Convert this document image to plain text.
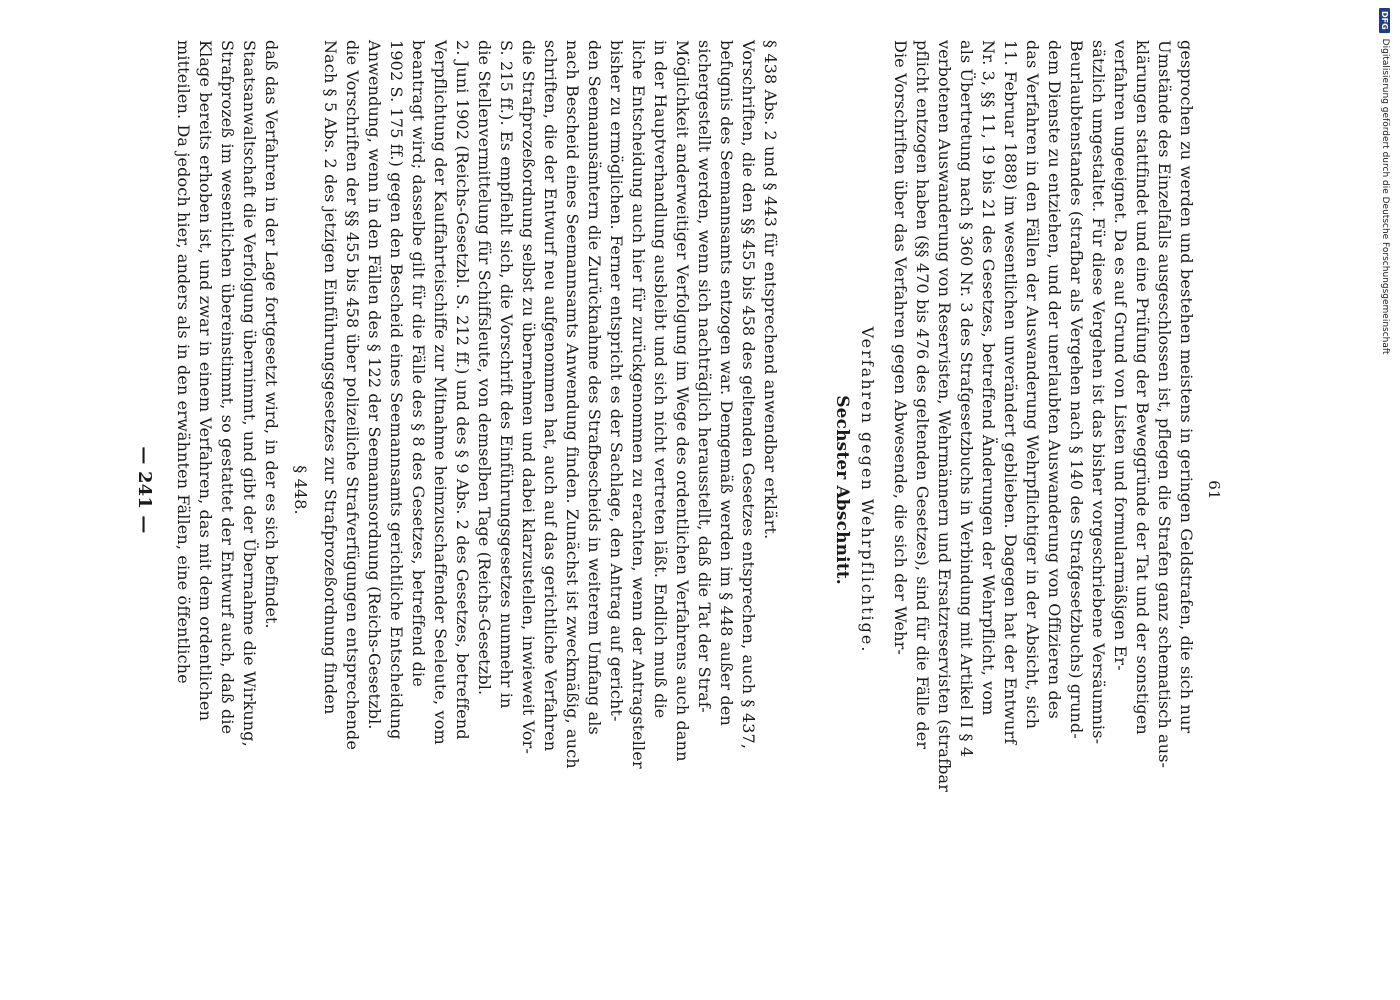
— 241 — mitteilen. Da jedoch hier, anders als in den erwähnten Fällen, eine öffentliche Klage bereits erhoben ist, und zwar in einem Verfahren, das mit dem ordentlichen Strafprozeß im wesentlichen übereinstimmt, so gestattet der Entwurf auch, daß die Staatsanwaltschaft die Verfolgung übernimmt, und gibt der Übernahme die Wirkung, daß das Verfahren in der Lage fortgesetzt wird, in der es sich befindet. § 448. Nach § 5 Abs. 2 des jetzigen Einführungsgesetzes zur Strafprozeßordnung finden die Vorschriften der §§ 455 bis 458 über polizeiliche Strafverfügungen entsprechende Anwendung, wenn in den Fällen des § 122 der Seemannsordnung (Reichs-Gesetzbl. 1902 S. 175 ff.) gegen den Bescheid eines Seemannsamts gerichtliche Entscheidung beantragt wird; dasselbe gilt für die Fälle des § 8 des Gesetzes, betreffend die Verpflichtung der Kauffahrteischiffe zur Mitnahme heimzuschaffender Seeleute, vom 2. Juni 1902 (Reichs-Gesetzbl. S. 212 ff.) und des § 9 Abs. 2 des Gesetzes, betreffend die Stellenvermittelung für Schiffsleute, von demselben Tage (Reichs-Gesetzbl. S. 215 ff.). Es empfiehlt sich, die Vorschrift des Einführungsgesetzes nunmehr in die Strafprozeßordnung selbst zu übernehmen und dabei klarzustellen, inwieweit Vor- schriften, die der Entwurf neu aufgenommen hat, auch auf das gerichtliche Verfahren nach Bescheid eines Seemannsamts Anwendung finden. Zunächst ist zweckmäßig, auch den Seemannsämtern die Zurücknahme des Strafbescheids in weiterem Umfang als bisher zu ermöglichen. Ferner entspricht es der Sachlage, den Antrag auf gericht- liche Entscheidung auch hier für zurückgenommen zu erachten, wenn der Antragsteller in der Hauptverhandlung ausbleibt und sich nicht vertreten läßt. Endlich muß die Möglichkeit anderweitiger Verfolgung im Wege des ordentlichen Verfahrens auch dann sichergestellt werden, wenn sich nachträglich herausstellt, daß die Tat der Straf- befugnis des Seemannsamts entzogen war. Demgemäß werden im § 448 außer den Vorschriften, die den §§ 455 bis 458 des geltenden Gesetzes entsprechen, auch § 437, § 438 Abs. 2 und § 443 für entsprechend anwendbar erklärt.	Sechster Abschnitt. Verfahren gegen Wehrpflichtige. Die Vorschriften über das Verfahren gegen Abwesende, die sich der Wehr- pflicht entzogen haben (§§ 470 bis 476 des geltenden Gesetzes), sind für die Fälle der verbotenen Auswanderung von Reservisten, Wehrmännern und Ersatzreservisten (strafbar als Übertretung nach § 360 Nr. 3 des Strafgesetzbuchs in Verbindung mit Artikel II § 4 Nr. 3, §§ 11, 19 bis 21 des Gesetzes, betreffend Änderungen der Wehrpflicht, vom 11. Februar 1888) im wesentlichen unverändert geblieben. Dagegen hat der Entwurf das Verfahren in den Fällen der Auswanderung Wehrpflichtiger in der Absicht, sich dem Dienste zu entziehen, und der unerlaubten Auswanderung von Offizieren des Beurlaubtenstandes (strafbar als Vergehen nach § 140 des Strafgesetzbuchs) grund- sätzlich umgestaltet. Für diese Vergehen ist das bisher vorgeschriebene Versäumnis- verfahren ungeeignet. Da es auf Grund von Listen und formularmäßigen Er- klärungen stattfindet und eine Prüfung der Beweggründe der Tat und der sonstigen Umstände des Einzelfalls ausgeschlossen ist, pflegen die Strafen ganz schematisch aus- gesprochen zu werden und bestehen meistens in geringen Geldstrafen, die sich nur 61
DFG
Digitalisierung gefördert durch die Deutsche Forschungsgemeinschaft
